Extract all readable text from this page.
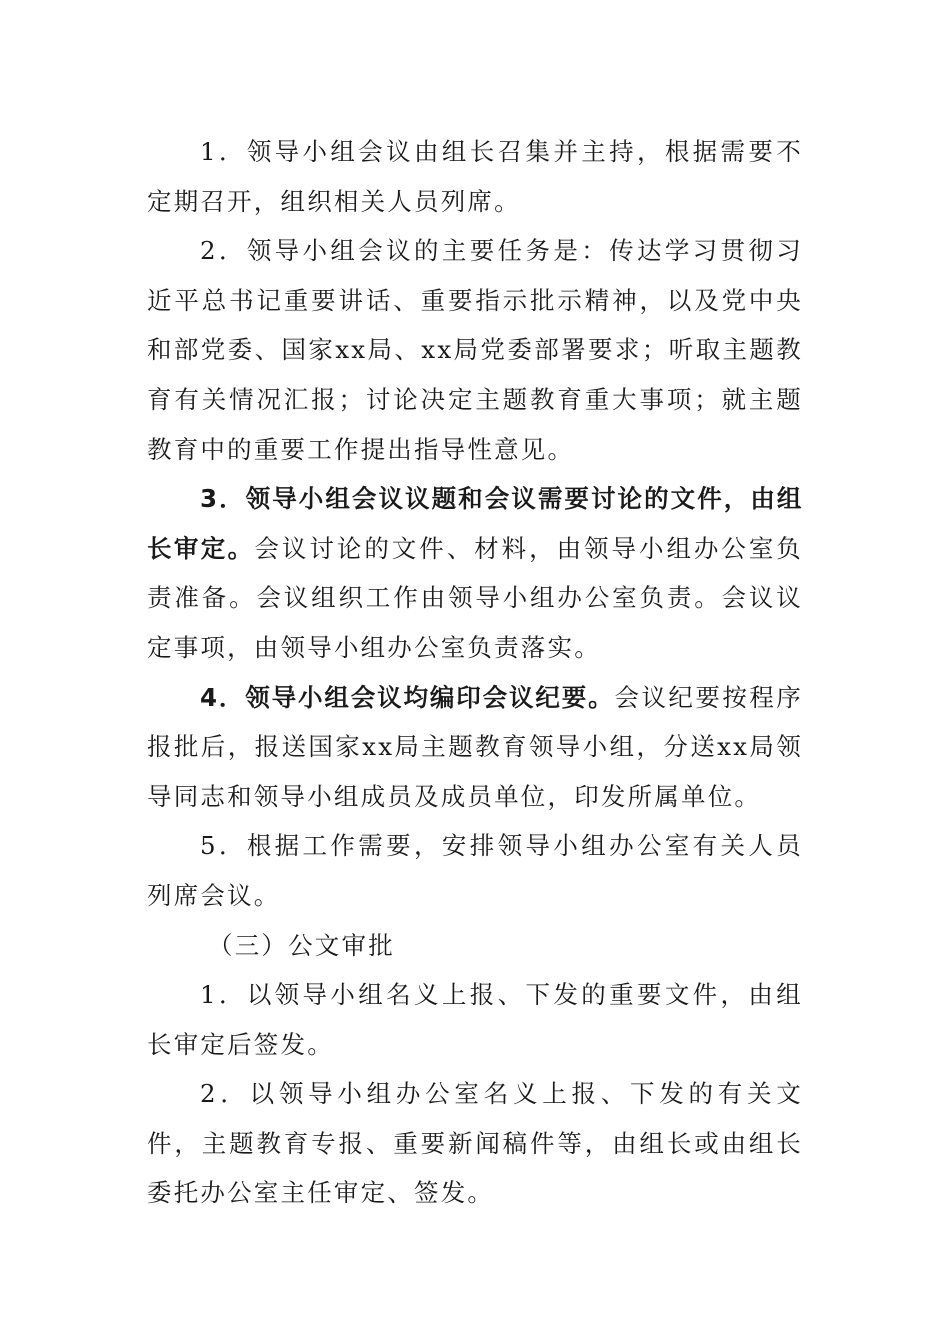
1．领导小组会议由组长召集并主持，根据需要不定期召开，组织相关人员列席。

2．领导小组会议的主要任务是：传达学习贯彻习近平总书记重要讲话、重要指示批示精神，以及党中央和部党委、国家xx局、xx局党委部署要求；听取主题教育有关情况汇报；讨论决定主题教育重大事项；就主题教育中的重要工作提出指导性意见。

3．领导小组会议议题和会议需要讨论的文件，由组长审定。会议讨论的文件、材料，由领导小组办公室负责准备。会议组织工作由领导小组办公室负责。会议议定事项，由领导小组办公室负责落实。

4．领导小组会议均编印会议纪要。会议纪要按程序报批后，报送国家xx局主题教育领导小组，分送xx局领导同志和领导小组成员及成员单位，印发所属单位。

5．根据工作需要，安排领导小组办公室有关人员列席会议。

（三）公文审批

1．以领导小组名义上报、下发的重要文件，由组长审定后签发。

2．以领导小组办公室名义上报、下发的有关文件，主题教育专报、重要新闻稿件等，由组长或由组长委托办公室主任审定、签发。
